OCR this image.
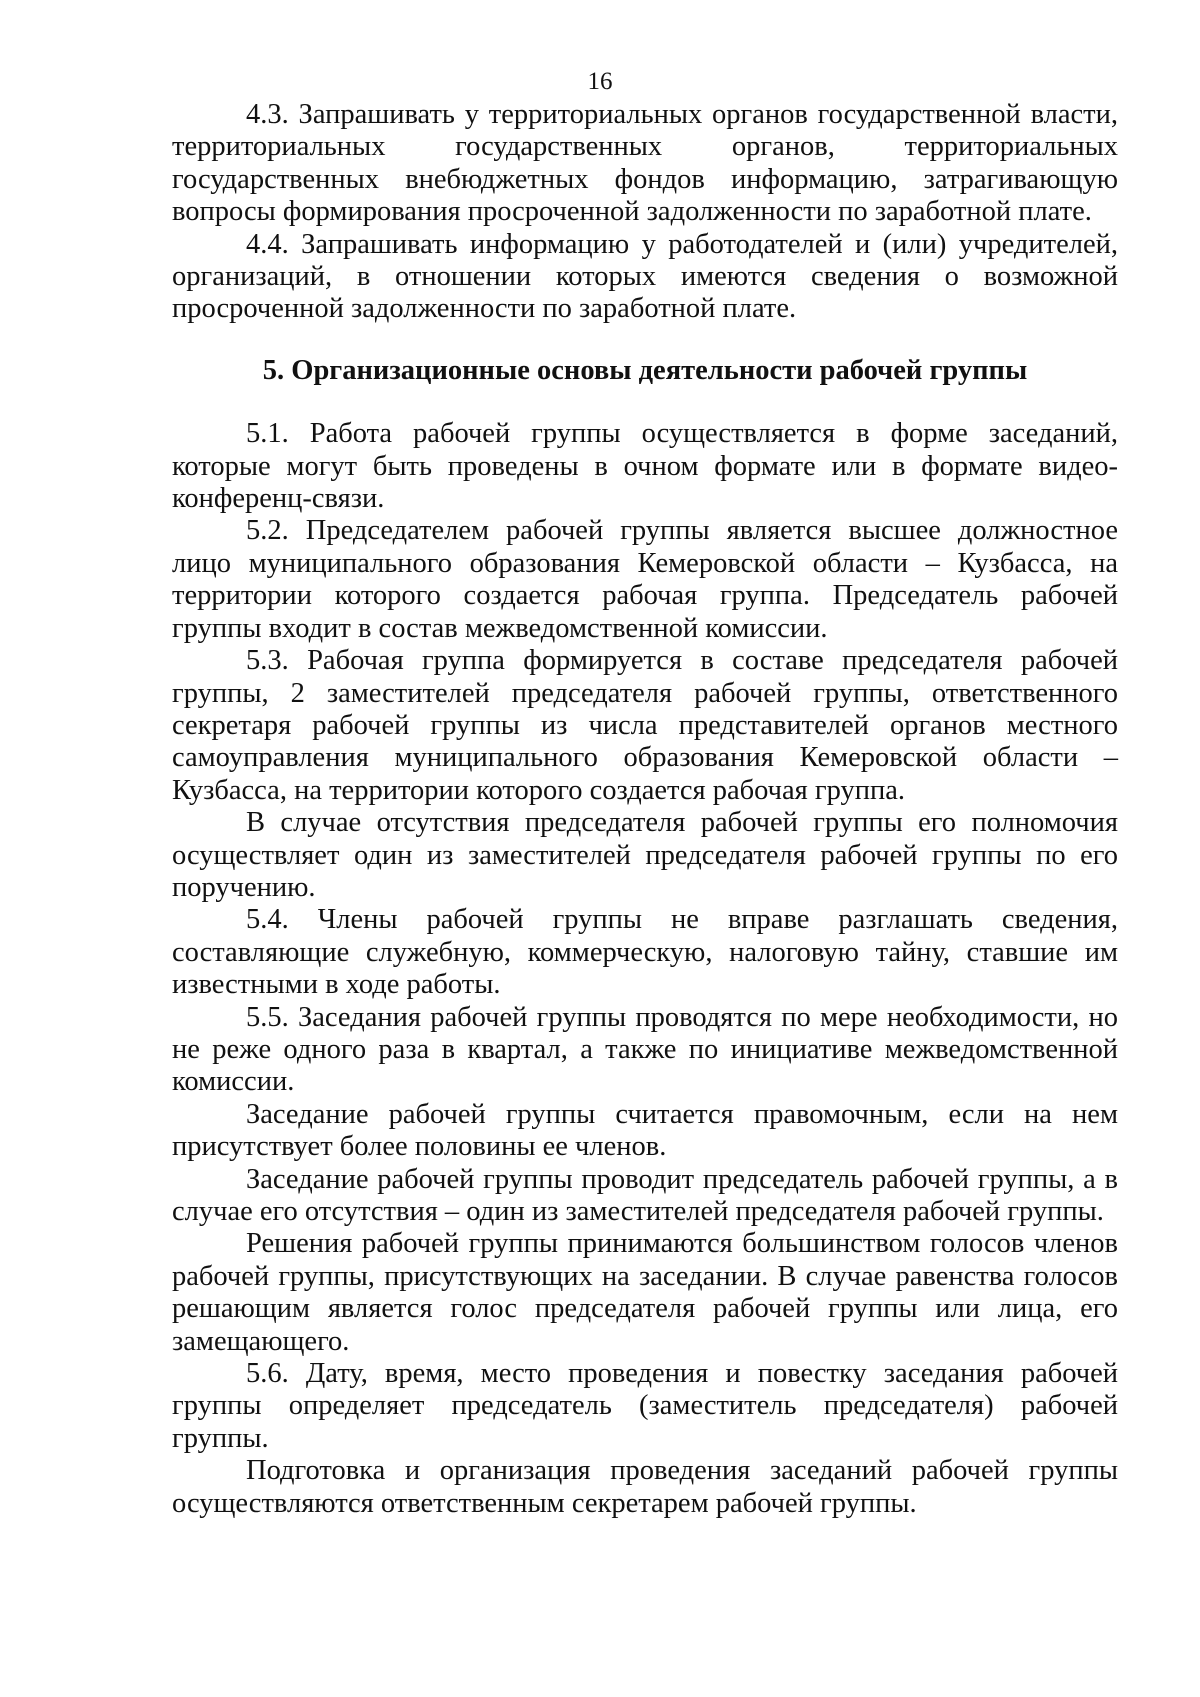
16

4.3. Запрашивать у территориальных органов государственной власти, территориальных государственных органов, территориальных государственных внебюджетных фондов информацию, затрагивающую вопросы формирования просроченной задолженности по заработной плате.

4.4. Запрашивать информацию у работодателей и (или) учредителей, организаций, в отношении которых имеются сведения о возможной просроченной задолженности по заработной плате.

5. Организационные основы деятельности рабочей группы

5.1. Работа рабочей группы осуществляется в форме заседаний, которые могут быть проведены в очном формате или в формате видео-конференц-связи.

5.2. Председателем рабочей группы является высшее должностное лицо муниципального образования Кемеровской области – Кузбасса, на территории которого создается рабочая группа. Председатель рабочей группы входит в состав межведомственной комиссии.

5.3. Рабочая группа формируется в составе председателя рабочей группы, 2 заместителей председателя рабочей группы, ответственного секретаря рабочей группы из числа представителей органов местного самоуправления муниципального образования Кемеровской области – Кузбасса, на территории которого создается рабочая группа.

В случае отсутствия председателя рабочей группы его полномочия осуществляет один из заместителей председателя рабочей группы по его поручению.

5.4. Члены рабочей группы не вправе разглашать сведения, составляющие служебную, коммерческую, налоговую тайну, ставшие им известными в ходе работы.

5.5. Заседания рабочей группы проводятся по мере необходимости, но не реже одного раза в квартал, а также по инициативе межведомственной комиссии.

Заседание рабочей группы считается правомочным, если на нем присутствует более половины ее членов.

Заседание рабочей группы проводит председатель рабочей группы, а в случае его отсутствия – один из заместителей председателя рабочей группы.

Решения рабочей группы принимаются большинством голосов членов рабочей группы, присутствующих на заседании. В случае равенства голосов решающим является голос председателя рабочей группы или лица, его замещающего.

5.6. Дату, время, место проведения и повестку заседания рабочей группы определяет председатель (заместитель председателя) рабочей группы.

Подготовка и организация проведения заседаний рабочей группы осуществляются ответственным секретарем рабочей группы.
